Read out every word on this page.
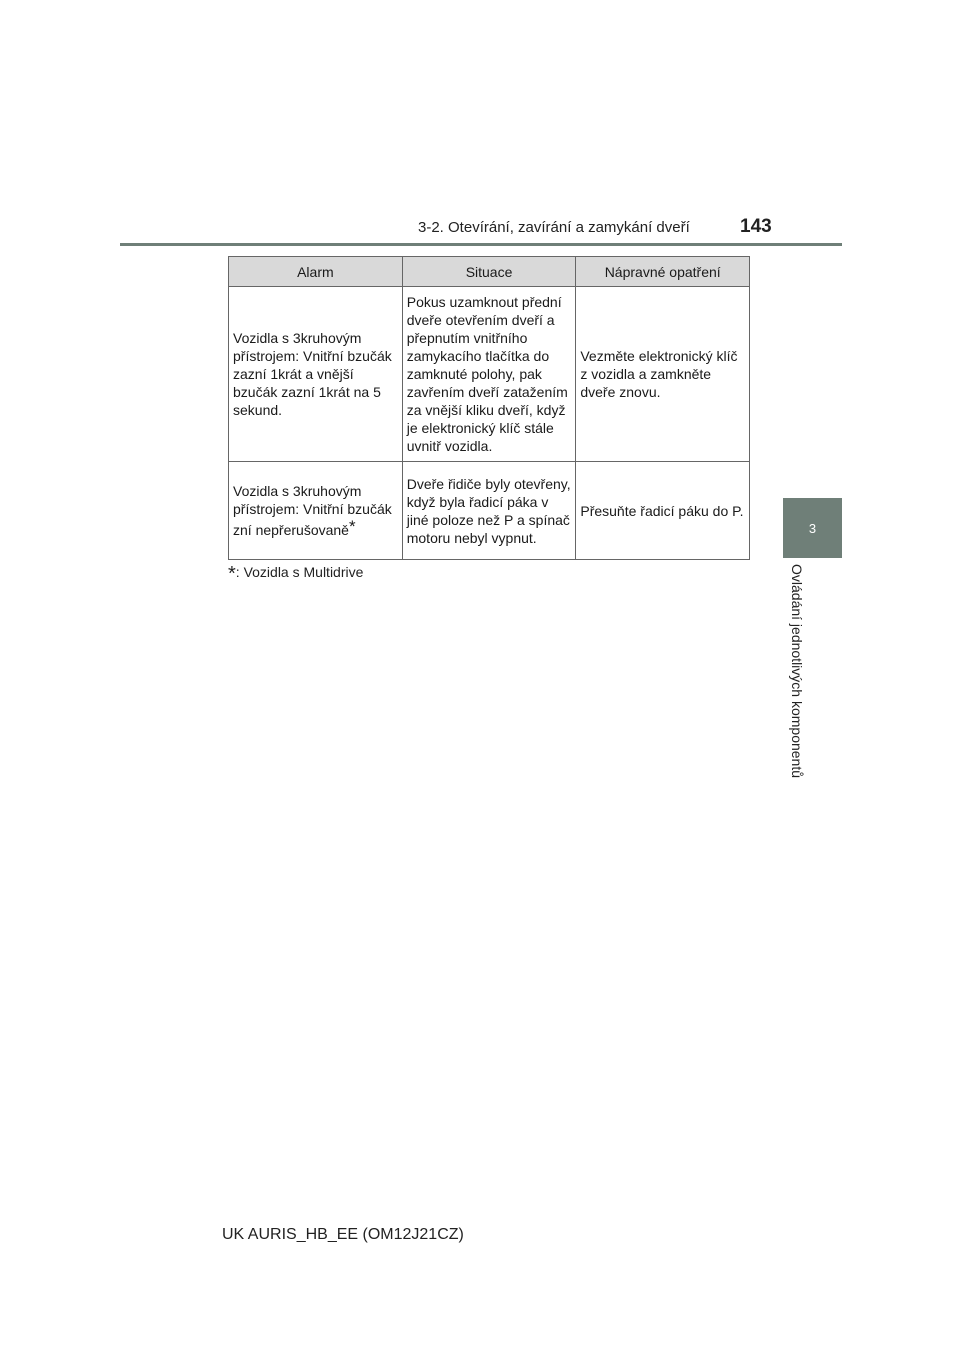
3-2. Otevírání, zavírání a zamykání dveří	143
3
Ovládání jednotlivých komponentů
Alarm	Situace	Nápravné opatření
Vozidla s 3kruhovým přístrojem: Vnitřní bzučák zazní 1krát a vnější bzučák zazní 1krát na 5 sekund.	Pokus uzamknout přední dveře otevřením dveří a přepnutím vnitřního zamykacího tlačítka do zamknuté polohy, pak zavřením dveří zatažením za vnější kliku dveří, když je elektronický klíč stále uvnitř vozidla.	Vezměte elektronický klíč z vozidla a zamkněte dveře znovu.
Vozidla s 3kruhovým přístrojem: Vnitřní bzučák zní nepřerušovaně*	Dveře řidiče byly otevřeny, když byla řadicí páka v jiné poloze než P a spínač motoru nebyl vypnut.	Přesuňte řadicí páku do P.
*: Vozidla s Multidrive
UK AURIS_HB_EE (OM12J21CZ)
